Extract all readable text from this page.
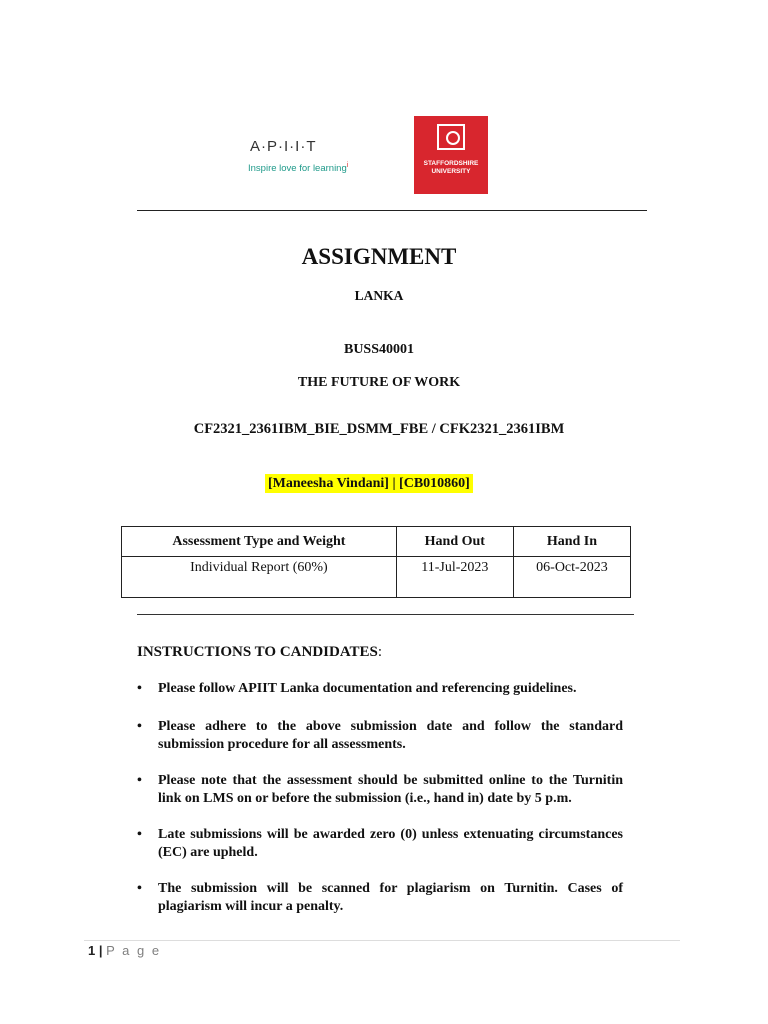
A·P·I·I·T
Inspire love for learning$^i$	STAFFORDSHIRE UNIVERSITY
ASSIGNMENT
LANKA
BUSS40001
THE FUTURE OF WORK
CF2321_2361IBM_BIE_DSMM_FBE / CFK2321_2361IBM
[Maneesha Vindani] | [CB010860]
Assessment Type and Weight	Hand Out	Hand In
Individual Report (60%)	11-Jul-2023	06-Oct-2023
INSTRUCTIONS TO CANDIDATES:
• Please follow APIIT Lanka documentation and referencing guidelines.
• Please adhere to the above submission date and follow the standard submission procedure for all assessments.
• Please note that the assessment should be submitted online to the Turnitin link on LMS on or before the submission (i.e., hand in) date by 5 p.m.
• Late submissions will be awarded zero (0) unless extenuating circumstances (EC) are upheld.
• The submission will be scanned for plagiarism on Turnitin. Cases of plagiarism will incur a penalty.
1 | P a g e
